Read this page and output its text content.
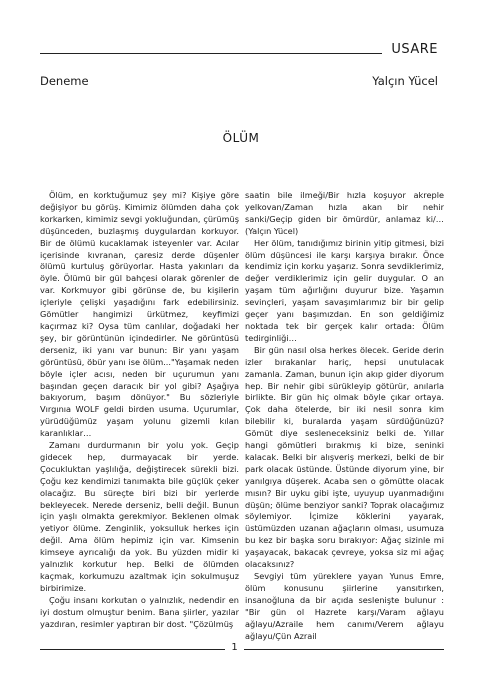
USARE
Deneme	Yalçın Yücel
ÖLÜM

Ölüm, en korktuğumuz şey mi? Kişiye göre değişiyor bu görüş. Kimimiz ölümden daha çok korkarken, kimimiz sevgi yokluğundan, çürümüş düşünceden, buzlaşmış duygulardan korkuyor. Bir de ölümü kucaklamak isteyenler var. Acılar içerisinde kıvranan, çaresiz derde düşenler ölümü kurtuluş görüyorlar. Hasta yakınları da öyle. Ölümü bir gül bahçesi olarak görenler de var. Korkmuyor gibi görünse de, bu kişilerin içleriyle çelişki yaşadığını fark edebilirsiniz. Gömütler hangimizi ürkütmez, keyfimizi kaçırmaz ki? Oysa tüm canlılar, doğadaki her şey, bir görüntünün içindedirler. Ne görüntüsü derseniz, iki yanı var bunun: Bir yanı yaşam görüntüsü, öbür yanı ise ölüm..."Yaşamak neden böyle içler acısı, neden bir uçurumun yanı başından geçen daracık bir yol gibi? Aşağıya bakıyorum, başım dönüyor." Bu sözleriyle Vırgınıa WOLF geldi birden usuma. Uçurumlar, yürüdüğümüz yaşam yolunu gizemli kılan karanlıklar…

Zamanı durdurmanın bir yolu yok. Geçip gidecek hep, durmayacak bir yerde. Çocukluktan yaşlılığa, değiştirecek sürekli bizi. Çoğu kez kendimizi tanımakta bile güçlük çeker olacağız. Bu süreçte biri bizi bir yerlerde bekleyecek. Nerede derseniz, belli değil. Bunun için yaşlı olmakta gerekmiyor. Beklenen olmak yetiyor ölüme. Zenginlik, yoksulluk herkes için değil. Ama ölüm hepimiz için var. Kimsenin kimseye ayrıcalığı da yok. Bu yüzden midir ki yalnızlık korkutur hep. Belki de ölümden kaçmak, korkumuzu azaltmak için sokulmuşuz birbirimize.

Çoğu insanı korkutan o yalnızlık, nedendir en iyi dostum olmuştur benim. Bana şiirler, yazılar yazdıran, resimler yaptıran bir dost. "Çözülmüş

saatin bile ilmeği/Bir hızla koşuyor akreple yelkovan/Zaman hızla akan bir nehir sanki/Geçip giden bir ömürdür, anlamaz ki/… (Yalçın Yücel)

Her ölüm, tanıdığımız birinin yitip gitmesi, bizi ölüm düşüncesi ile karşı karşıya bırakır. Önce kendimiz için korku yaşarız. Sonra sevdiklerimiz, değer verdiklerimiz için gelir duygular. O an yaşam tüm ağırlığını duyurur bize. Yaşamın sevinçleri, yaşam savaşımlarımız bir bir gelip geçer yanı başımızdan. En son geldiğimiz noktada tek bir gerçek kalır ortada: Ölüm tedirginliği…

Bir gün nasıl olsa herkes ölecek. Geride derin izler bırakanlar hariç, hepsi unutulacak zamanla. Zaman, bunun için akıp gider diyorum hep. Bir nehir gibi sürükleyip götürür, anılarla birlikte. Bir gün hiç olmak böyle çıkar ortaya. Çok daha ötelerde, bir iki nesil sonra kim bilebilir ki, buralarda yaşam sürdüğünüzü? Gömüt diye sesleneceksiniz belki de. Yıllar hangi gömütleri bırakmış ki bize, seninki kalacak. Belki bir alışveriş merkezi, belki de bir park olacak üstünde. Üstünde diyorum yine, bir yanılgıya düşerek. Acaba sen o gömütte olacak mısın? Bir uyku gibi işte, uyuyup uyanmadığını düşün; ölüme benziyor sanki? Toprak olacağımız söylemiyor. İçimize köklerini yayarak, üstümüzden uzanan ağaçların olması, usumuza bu kez bir başka soru bırakıyor: Ağaç sizinle mi yaşayacak, bakacak çevreye, yoksa siz mi ağaç olacaksınız?

Sevgiyi tüm yüreklere yayan Yunus Emre, ölüm konusunu şiirlerine yansıtırken, insanoğluna da bir açıda seslenişte bulunur : "Bir gün ol Hazrete karşı/Varam ağlayu ağlayu/Azraile hem canımı/Verem ağlayu ağlayu/Çün Azrail

1
